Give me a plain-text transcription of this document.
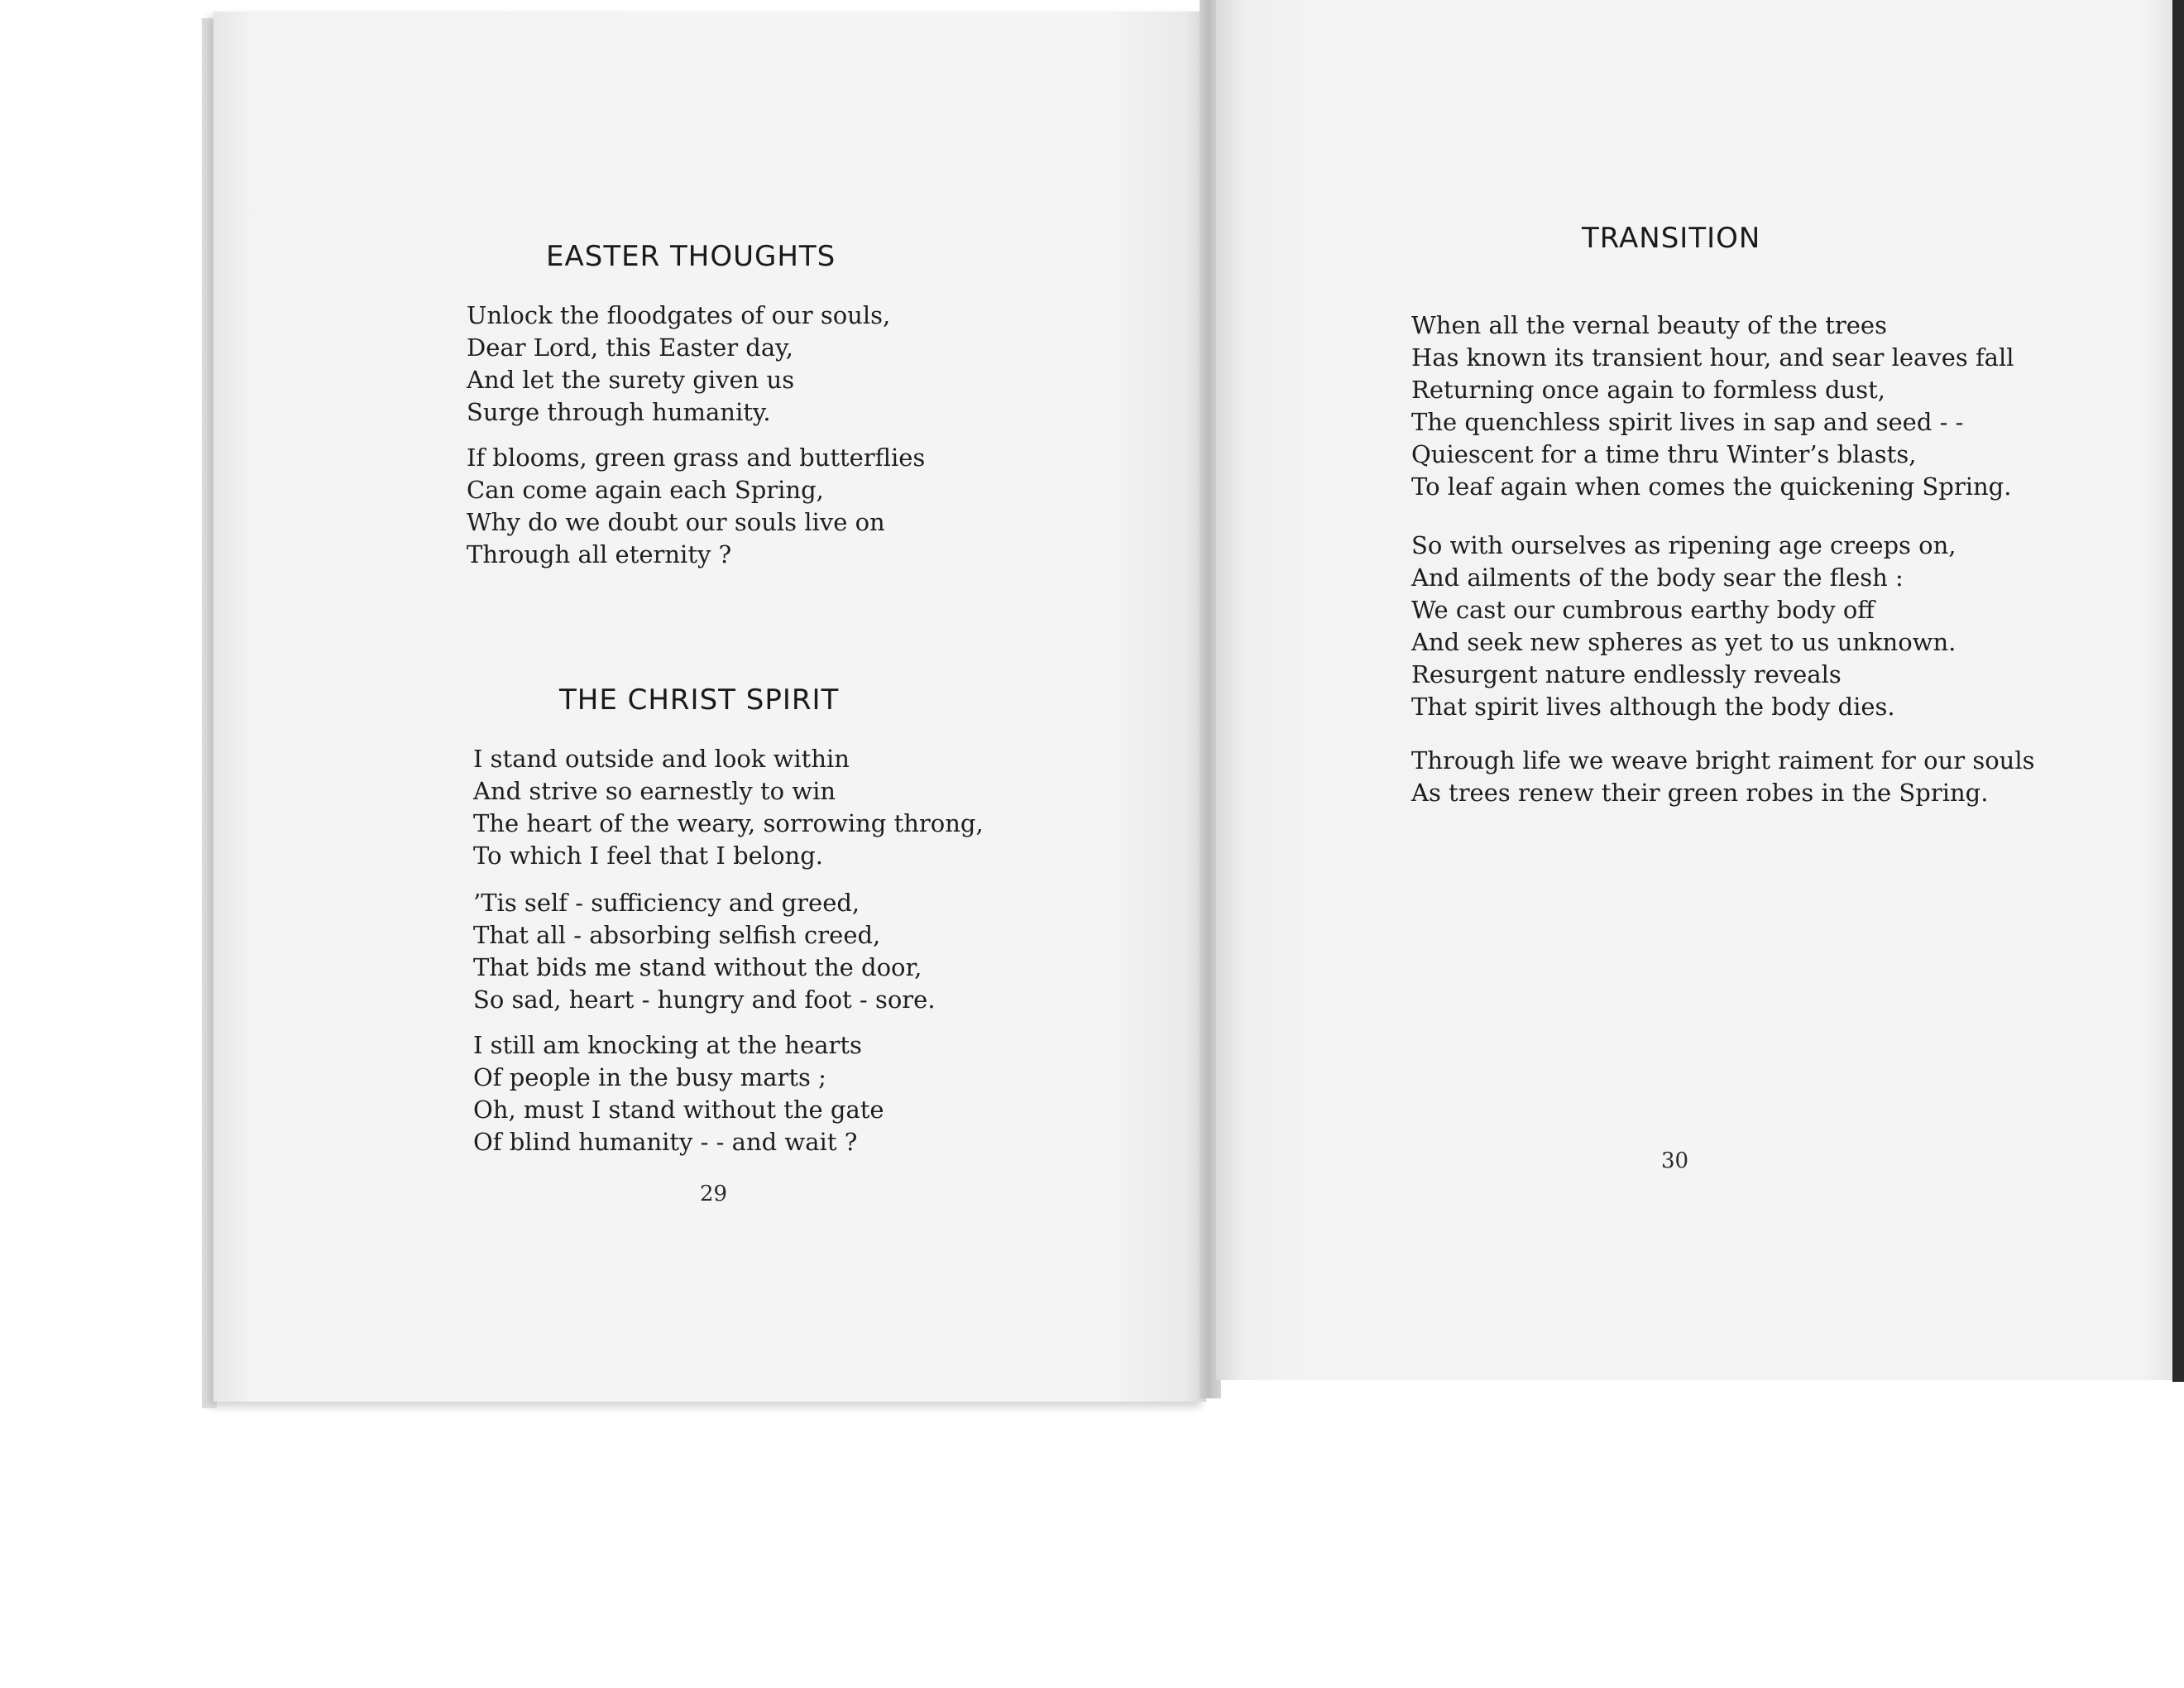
EASTER THOUGHTS
Unlock the floodgates of our souls,
Dear Lord, this Easter day,
And let the surety given us
Surge through humanity.
If blooms, green grass and butterflies
Can come again each Spring,
Why do we doubt our souls live on
Through all eternity ?
THE CHRIST SPIRIT
I stand outside and look within
And strive so earnestly to win
The heart of the weary, sorrowing throng,
To which I feel that I belong.
’Tis self - sufficiency and greed,
That all - absorbing selfish creed,
That bids me stand without the door,
So sad, heart - hungry and foot - sore.
I still am knocking at the hearts
Of people in the busy marts ;
Oh, must I stand without the gate
Of blind humanity - - and wait ?
29
TRANSITION
When all the vernal beauty of the trees
Has known its transient hour, and sear leaves fall
Returning once again to formless dust,
The quenchless spirit lives in sap and seed - -
Quiescent for a time thru Winter’s blasts,
To leaf again when comes the quickening Spring.
So with ourselves as ripening age creeps on,
And ailments of the body sear the flesh :
We cast our cumbrous earthy body off
And seek new spheres as yet to us unknown.
Resurgent nature endlessly reveals
That spirit lives although the body dies.
Through life we weave bright raiment for our souls
As trees renew their green robes in the Spring.
30
